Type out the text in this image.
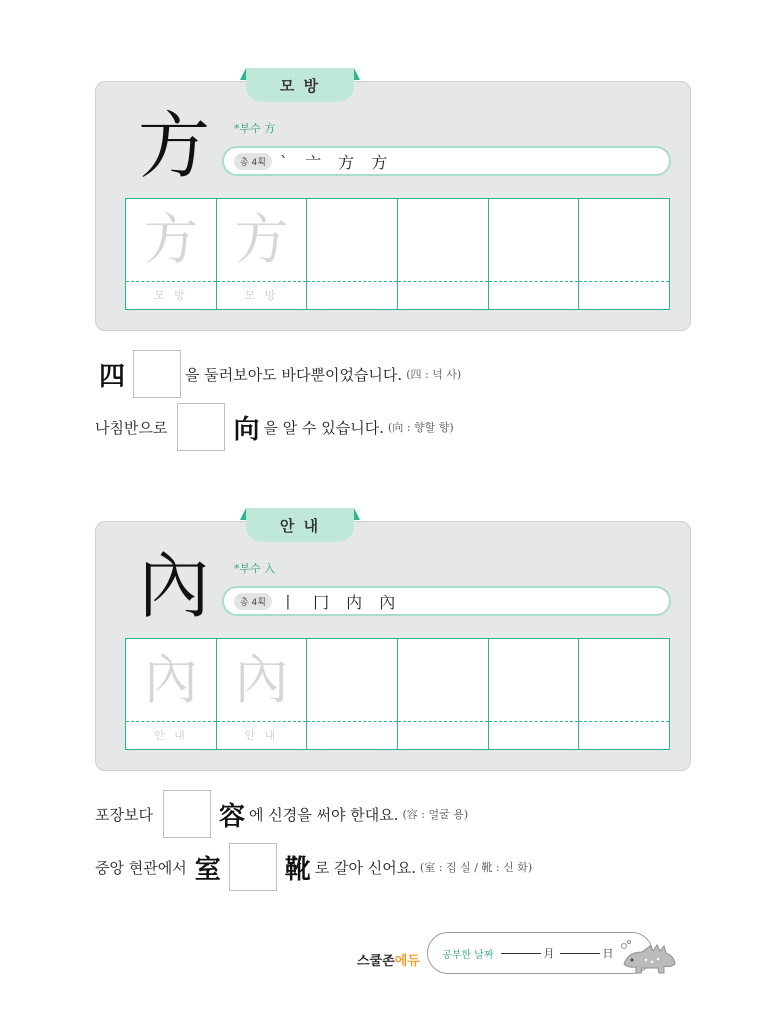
모 방
方	*부수 方
총 4획 ` 亠 方 方
方
모 방
方
모 방
四	을 둘러보아도 바다뿐이었습니다. (四 : 넉 사)
나침반으로	向 을 알 수 있습니다. (向 : 향할 향)
안 내
內	*부수 入
총 4획 丨 冂 内 內
內
안 내
內
안 내
포장보다	容 에 신경을 써야 한대요. (容 : 얼굴 용)
중앙 현관에서 室 靴 로 갈아 신어요. (室 : 집 실 / 靴 : 신 화)
스쿨존에듀 공부한 날짜	月	日
